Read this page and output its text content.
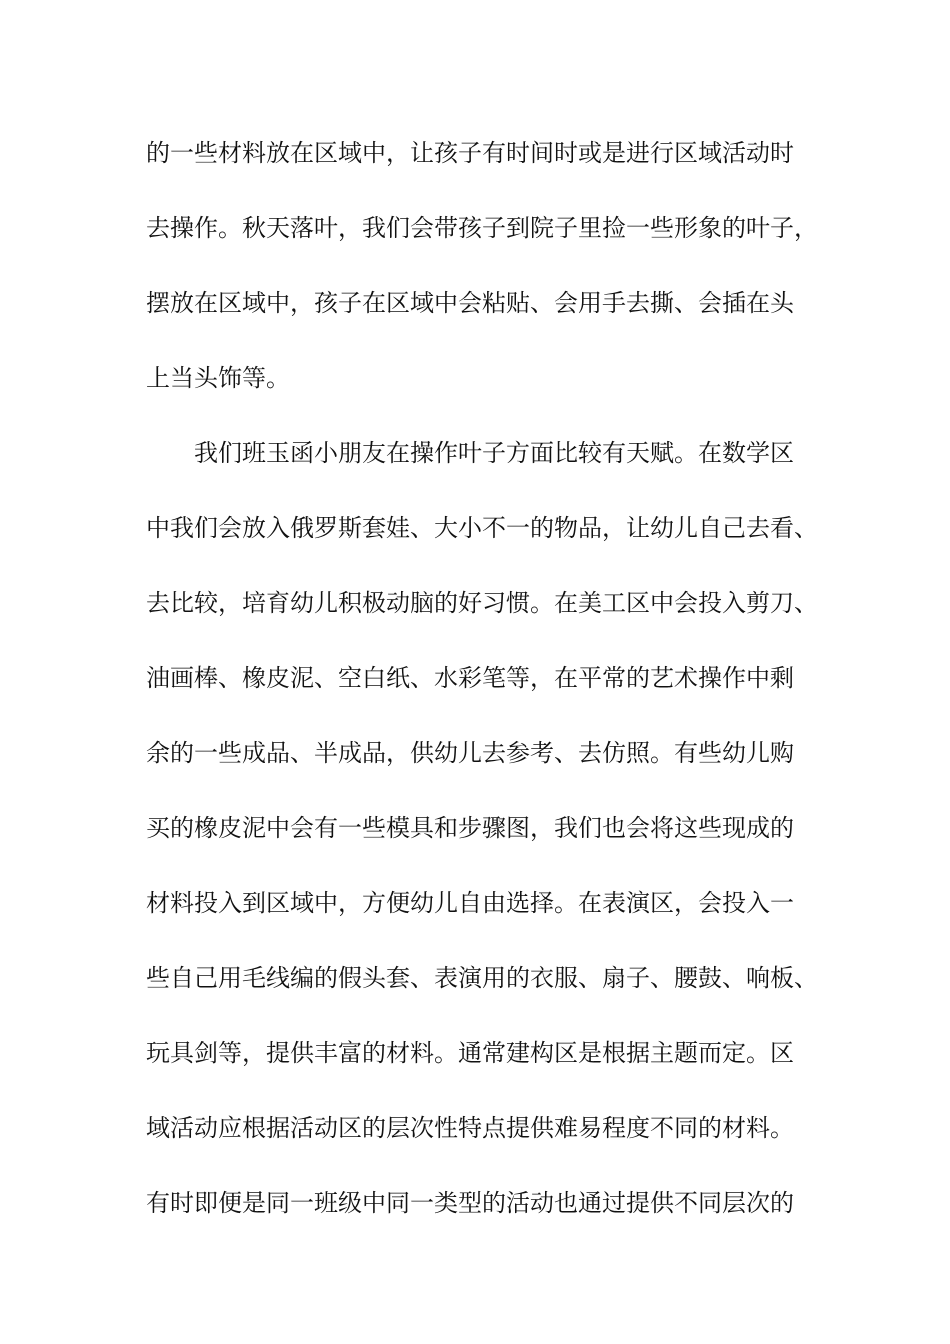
的一些材料放在区域中，让孩子有时间时或是进行区域活动时
去操作。秋天落叶，我们会带孩子到院子里捡一些形象的叶子，
摆放在区域中，孩子在区域中会粘贴、会用手去撕、会插在头
上当头饰等。
我们班玉函小朋友在操作叶子方面比较有天赋。在数学区
中我们会放入俄罗斯套娃、大小不一的物品，让幼儿自己去看、
去比较，培育幼儿积极动脑的好习惯。在美工区中会投入剪刀、
油画棒、橡皮泥、空白纸、水彩笔等，在平常的艺术操作中剩
余的一些成品、半成品，供幼儿去参考、去仿照。有些幼儿购
买的橡皮泥中会有一些模具和步骤图，我们也会将这些现成的
材料投入到区域中，方便幼儿自由选择。在表演区，会投入一
些自己用毛线编的假头套、表演用的衣服、扇子、腰鼓、响板、
玩具剑等，提供丰富的材料。通常建构区是根据主题而定。区
域活动应根据活动区的层次性特点提供难易程度不同的材料。
有时即便是同一班级中同一类型的活动也通过提供不同层次的
